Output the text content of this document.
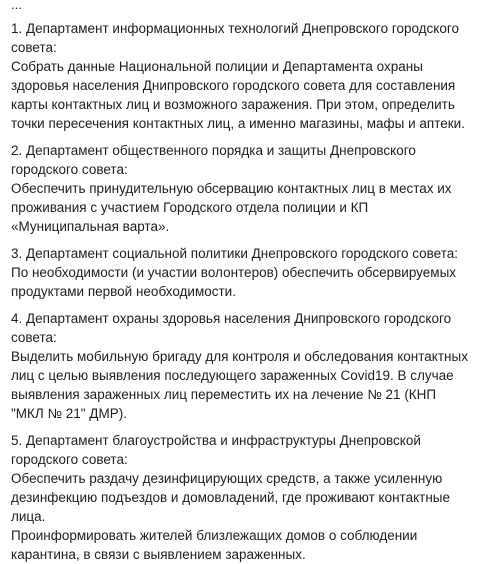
...

1. Департамент информационных технологий Днепровского городского
совета:

Собрать данные Национальной полиции и Департамента охраны
здоровья населения Днипровского городского совета для составления
карты контактных лиц и возможного заражения. При этом, определить
точки пересечения контактных лиц, а именно магазины, мафы и аптеки.

2. Департамент общественного порядка и защиты Днепровского
городского совета:

Обеспечить принудительную обсервацию контактных лиц в местах их
проживания с участием Городского отдела полиции и КП
«Муниципальная варта».

3. Департамент социальной политики Днепровского городского совета:

По необходимости (и участии волонтеров) обеспечить обсервируемых
продуктами первой необходимости.

4. Департамент охраны здоровья населения Днипровского городского
совета:

Выделить мобильную бригаду для контроля и обследования контактных
лиц с целью выявления последующего зараженных Covid19. В случае
выявления зараженных лиц переместить их на лечение № 21 (КНП
"МКЛ № 21" ДМР).

5. Департамент благоустройства и инфраструктуры Днепровской
городского совета:

Обеспечить раздачу дезинфицирующих средств, а также усиленную
дезинфекцию подъездов и домовладений, где проживают контактные
лица.
Проинформировать жителей близлежащих домов о соблюдении
карантина, в связи с выявлением зараженных.
